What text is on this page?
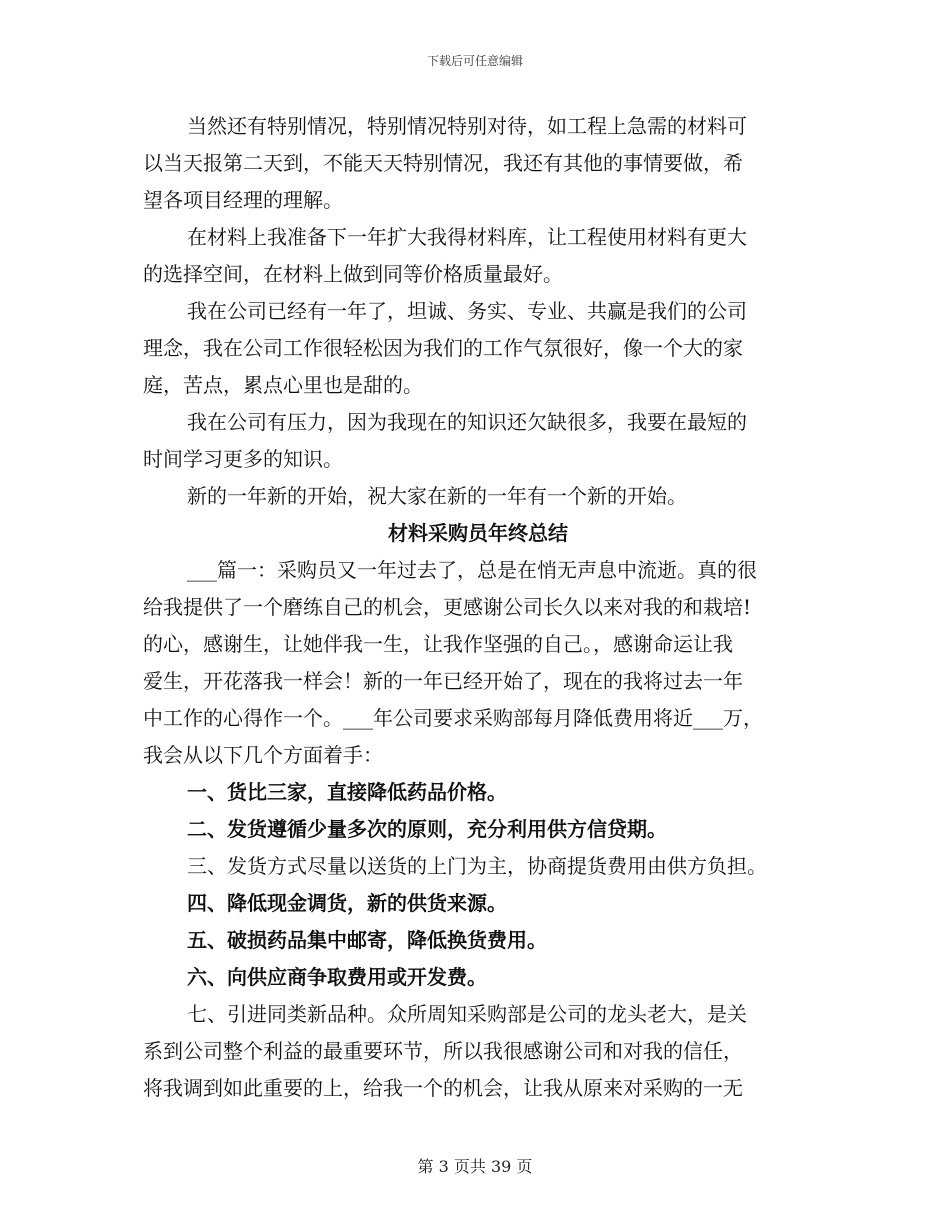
下载后可任意编辑
当然还有特别情况，特别情况特别对待，如工程上急需的材料可
以当天报第二天到，不能天天特别情况，我还有其他的事情要做，希
望各项目经理的理解。
在材料上我准备下一年扩大我得材料库，让工程使用材料有更大
的选择空间，在材料上做到同等价格质量最好。
我在公司已经有一年了，坦诚、务实、专业、共赢是我们的公司
理念，我在公司工作很轻松因为我们的工作气氛很好，像一个大的家
庭，苦点，累点心里也是甜的。
我在公司有压力，因为我现在的知识还欠缺很多，我要在最短的
时间学习更多的知识。
新的一年新的开始，祝大家在新的一年有一个新的开始。
材料采购员年终总结
___篇一：采购员又一年过去了，总是在悄无声息中流逝。真的很
给我提供了一个磨练自己的机会，更感谢公司长久以来对我的和栽培!
的心，感谢生，让她伴我一生，让我作坚强的自己。，感谢命运让我
爱生，开花落我一样会！新的一年已经开始了，现在的我将过去一年
中工作的心得作一个。___年公司要求采购部每月降低费用将近___万，
我会从以下几个方面着手：
一、货比三家，直接降低药品价格。
二、发货遵循少量多次的原则，充分利用供方信贷期。
三、发货方式尽量以送货的上门为主，协商提货费用由供方负担。
四、降低现金调货，新的供货来源。
五、破损药品集中邮寄，降低换货费用。
六、向供应商争取费用或开发费。
七、引进同类新品种。众所周知采购部是公司的龙头老大，是关
系到公司整个利益的最重要环节，所以我很感谢公司和对我的信任，
将我调到如此重要的上，给我一个的机会，让我从原来对采购的一无
第 3 页共 39 页
